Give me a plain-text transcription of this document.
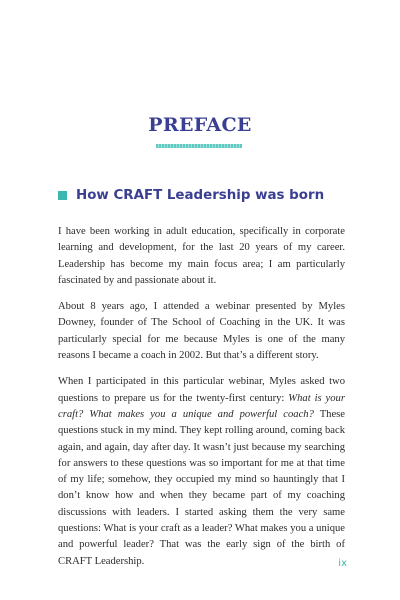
PREFACE
How CRAFT Leadership was born

I have been working in adult education, specifically in corporate learning and development, for the last 20 years of my career. Leadership has become my main focus area; I am particularly fascinated by and passionate about it.

About 8 years ago, I attended a webinar presented by Myles Downey, founder of The School of Coaching in the UK. It was particularly special for me because Myles is one of the many reasons I became a coach in 2002. But that’s a different story.

When I participated in this particular webinar, Myles asked two questions to prepare us for the twenty-first century: What is your craft? What makes you a unique and powerful coach? These questions stuck in my mind. They kept rolling around, coming back again, and again, day after day. It wasn’t just because my searching for answers to these questions was so important for me at that time of my life; somehow, they occupied my mind so hauntingly that I don’t know how and when they became part of my coaching discussions with leaders. I started asking them the very same questions: What is your craft as a leader? What makes you a unique and powerful leader? That was the early sign of the birth of CRAFT Leadership.	ix
